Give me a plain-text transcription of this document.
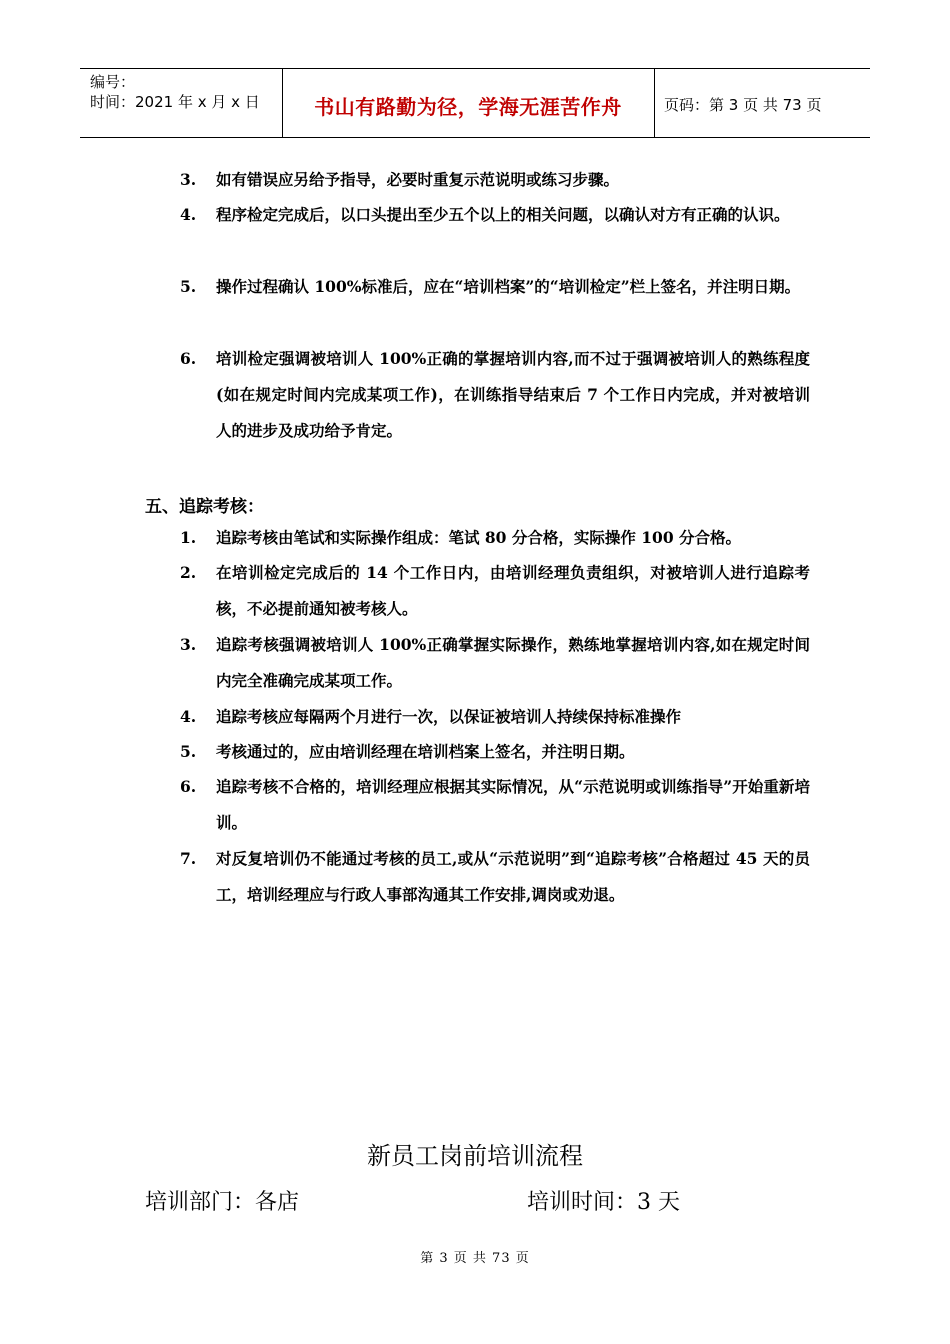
编号：
时间：2021 年 x 月 x 日	书山有路勤为径，学海无涯苦作舟	页码：第 3 页 共 73 页
3.	如有错误应另给予指导，必要时重复示范说明或练习步骤。
4.	程序检定完成后，以口头提出至少五个以上的相关问题，以确认对方有正确的认识。
5.	操作过程确认 100%标准后，应在“培训档案”的“培训检定”栏上签名，并注明日期。
6.	培训检定强调被培训人 100%正确的掌握培训内容,而不过于强调被培训人的熟练程度(如在规定时间内完成某项工作)，在训练指导结束后 7 个工作日内完成，并对被培训人的进步及成功给予肯定。
五、追踪考核：
1.	追踪考核由笔试和实际操作组成：笔试 80 分合格，实际操作 100 分合格。
2.	在培训检定完成后的 14 个工作日内，由培训经理负责组织，对被培训人进行追踪考核，不必提前通知被考核人。
3.	追踪考核强调被培训人 100%正确掌握实际操作，熟练地掌握培训内容,如在规定时间内完全准确完成某项工作。
4.	追踪考核应每隔两个月进行一次，以保证被培训人持续保持标准操作
5.	考核通过的，应由培训经理在培训档案上签名，并注明日期。
6.	追踪考核不合格的，培训经理应根据其实际情况，从“示范说明或训练指导”开始重新培训。
7.	对反复培训仍不能通过考核的员工,或从“示范说明”到“追踪考核”合格超过 45 天的员工，培训经理应与行政人事部沟通其工作安排,调岗或劝退。
新员工岗前培训流程
培训部门：各店	培训时间：3 天
第 3 页 共 73 页
